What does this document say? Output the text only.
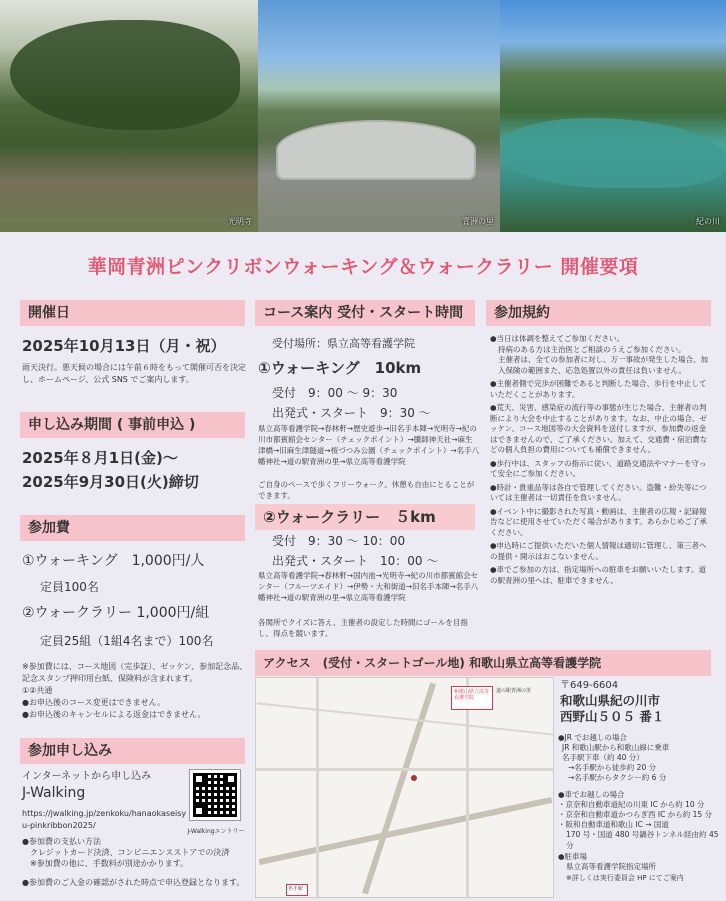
光明寺	青洲の里	紀の川
華岡青洲ピンクリボンウォーキング＆ウォークラリー 開催要項
開催日
2025年10月13日（月・祝）
雨天決行。悪天候の場合には午前６時をもって開催可否を決定し、ホームページ、公式 SNS でご案内します。
申し込み期間 ( 事前申込 )
2025年８月1日(金)〜
2025年9月30日(火)締切
参加費
①ウォーキング　1,000円/人
定員100名
②ウォークラリー 1,000円/組
定員25組（1組4名まで）100名
※参加費には、コース地図（完歩証）、ゼッケン、参加記念品、記念スタンプ押印用台紙、保険料が含まれます。
①②共通
●お申込後のコース変更はできません。
●お申込後のキャンセルによる返金はできません。
参加申し込み
インターネットから申し込み
J-Walking
https://jwalking.jp/zenkoku/hanaokaseisyu-pinkribbon2025/
J-Walkingエントリー
●参加費の支払い方法
クレジットカード決済、コンビニエンスストアでの決済
※参加費の他に、手数料が別途かかります。
●参加費のご入金の確認がされた時点で申込登録となります。
コース案内 受付・スタート時間
受付場所：県立高等看護学院
①ウォーキング　10km
受付　9：00 〜 9：30
出発式・スタート　9：30 〜
県立高等看護学院→春林軒→歴史遊歩→旧名手本陣→光明寺→紀の川市都賓館会センター（チェックポイント）→騰師神天社→麻生津橋→旧麻生津隧道→桜づつみ公園（チェックポイント）→名手八幡神社→道の駅青洲の里→県立高等看護学院
ご自身のペースで歩くフリーウォーク。休憩も自由にとることができます。
②ウォークラリー　５km
受付　9：30 〜 10：00
出発式・スタート　10：00 〜
県立高等看護学院→春林軒→国内池→光明寺→紀の川市都賓館会センター（フルーツエイド）→伊勢・大和街道→旧名手本陣→名手八幡神社→道の駅青洲の里→県立高等看護学院
各関所でクイズに答え、主催者の設定した時間にゴールを目指し、得点を競います。
参加規約
●当日は体調を整えてご参加ください。
持病のある方は主治医とご相談のうえご参加ください。
主催者は、全ての参加者に対し、万一事故が発生した場合、加入保険の範囲また、応急処置以外の責任は負いません。
●主催者側で完歩が困難であると判断した場合、歩行を中止していただくことがあります。
●荒天、災害、感染症の流行等の事態が生じた場合、主催者の判断により大会を中止することがあります。なお、中止の場合、ゼッケン、コース地図等の大会資料を送付しますが、参加費の返金はできませんので、ご了承ください。加えて、交通費・宿泊費などの個人負担の費用についても補償できません。
●歩行中は、スタッフの指示に従い、道路交通法やマナーを守って安全にご参加ください。
●時計・貴重品等は各自で管理してください。盗難・紛失等については主催者は一切責任を負いません。
●イベント中に撮影された写真・動画は、主催者の広報・記録報告などに使用させていただく場合があります。あらかじめご了承ください。
●申込時にご提供いただいた個人情報は適切に管理し、第三者への提供・開示はおこないません。
●車でご参加の方は、指定場所への駐車をお願いいたします。道の駅青洲の里へは、駐車できません。
アクセス　(受付・スタートゴール地) 和歌山県立高等看護学院
和歌山県立高等看護学院
道の駅青洲の里
名手駅
〒649-6604
和歌山県紀の川市
西野山５０５ 番１
●JR でお越しの場合
JR 和歌山駅から和歌山線に乗車
名手駅下車（約 40 分）
→名手駅から徒歩約 20 分
→名手駅からタクシー約 6 分
●車でお越しの場合
・京奈和自動車道紀の川東 IC から約 10 分
・京奈和自動車道かつらぎ西 IC から約 15 分
・阪和自動車道和歌山 IC → 国道
170 号・国道 480 号鍋谷トンネル経由約 45 分
●駐車場
県立高等看護学院指定場所
※詳しくは実行委員会 HP にてご案内
